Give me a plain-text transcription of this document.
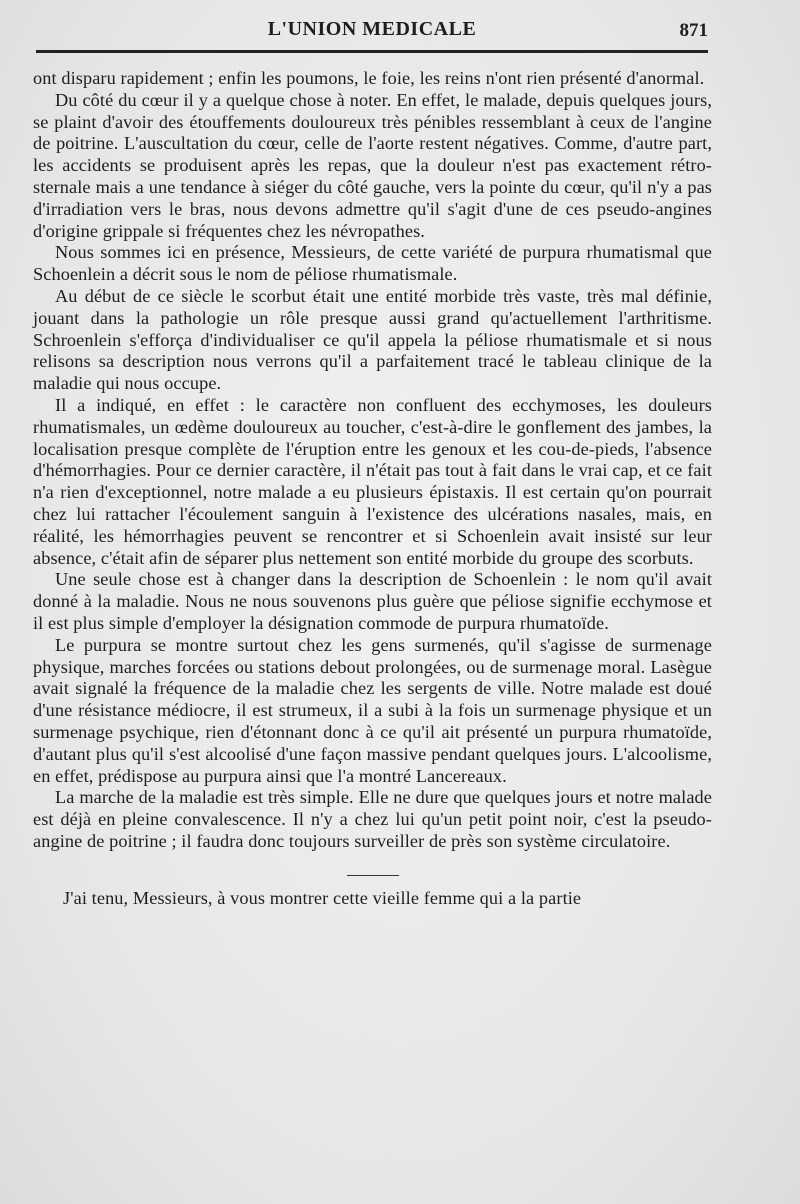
L'UNION MEDICALE	871

ont disparu rapidement ; enfin les poumons, le foie, les reins n'ont rien présenté d'anormal.

Du côté du cœur il y a quelque chose à noter. En effet, le malade, depuis quelques jours, se plaint d'avoir des étouffements douloureux très pénibles ressemblant à ceux de l'angine de poitrine. L'auscultation du cœur, celle de l'aorte restent négatives. Comme, d'autre part, les accidents se produisent après les repas, que la douleur n'est pas exactement rétro-sternale mais a une tendance à siéger du côté gauche, vers la pointe du cœur, qu'il n'y a pas d'irradiation vers le bras, nous devons admettre qu'il s'agit d'une de ces pseudo-angines d'origine grippale si fréquentes chez les névropathes.

Nous sommes ici en présence, Messieurs, de cette variété de purpura rhumatismal que Schoenlein a décrit sous le nom de péliose rhumatismale.

Au début de ce siècle le scorbut était une entité morbide très vaste, très mal définie, jouant dans la pathologie un rôle presque aussi grand qu'actuellement l'arthritisme. Schroenlein s'efforça d'individualiser ce qu'il appela la péliose rhumatismale et si nous relisons sa description nous verrons qu'il a parfaitement tracé le tableau clinique de la maladie qui nous occupe.

Il a indiqué, en effet : le caractère non confluent des ecchymoses, les douleurs rhumatismales, un œdème douloureux au toucher, c'est-à-dire le gonflement des jambes, la localisation presque complète de l'éruption entre les genoux et les cou-de-pieds, l'absence d'hémorrhagies. Pour ce dernier caractère, il n'était pas tout à fait dans le vrai cap, et ce fait n'a rien d'exceptionnel, notre malade a eu plusieurs épistaxis. Il est certain qu'on pourrait chez lui rattacher l'écoulement sanguin à l'existence des ulcérations nasales, mais, en réalité, les hémorrhagies peuvent se rencontrer et si Schoenlein avait insisté sur leur absence, c'était afin de séparer plus nettement son entité morbide du groupe des scorbuts.

Une seule chose est à changer dans la description de Schoenlein : le nom qu'il avait donné à la maladie. Nous ne nous souvenons plus guère que péliose signifie ecchymose et il est plus simple d'employer la désignation commode de purpura rhumatoïde.

Le purpura se montre surtout chez les gens surmenés, qu'il s'agisse de surmenage physique, marches forcées ou stations debout prolongées, ou de surmenage moral. Lasègue avait signalé la fréquence de la maladie chez les sergents de ville. Notre malade est doué d'une résistance médiocre, il est strumeux, il a subi à la fois un surmenage physique et un surmenage psychique, rien d'étonnant donc à ce qu'il ait présenté un purpura rhumatoïde, d'autant plus qu'il s'est alcoolisé d'une façon massive pendant quelques jours. L'alcoolisme, en effet, prédispose au purpura ainsi que l'a montré Lancereaux.

La marche de la maladie est très simple. Elle ne dure que quelques jours et notre malade est déjà en pleine convalescence. Il n'y a chez lui qu'un petit point noir, c'est la pseudo-angine de poitrine ; il faudra donc toujours surveiller de près son système circulatoire.

J'ai tenu, Messieurs, à vous montrer cette vieille femme qui a la partie
